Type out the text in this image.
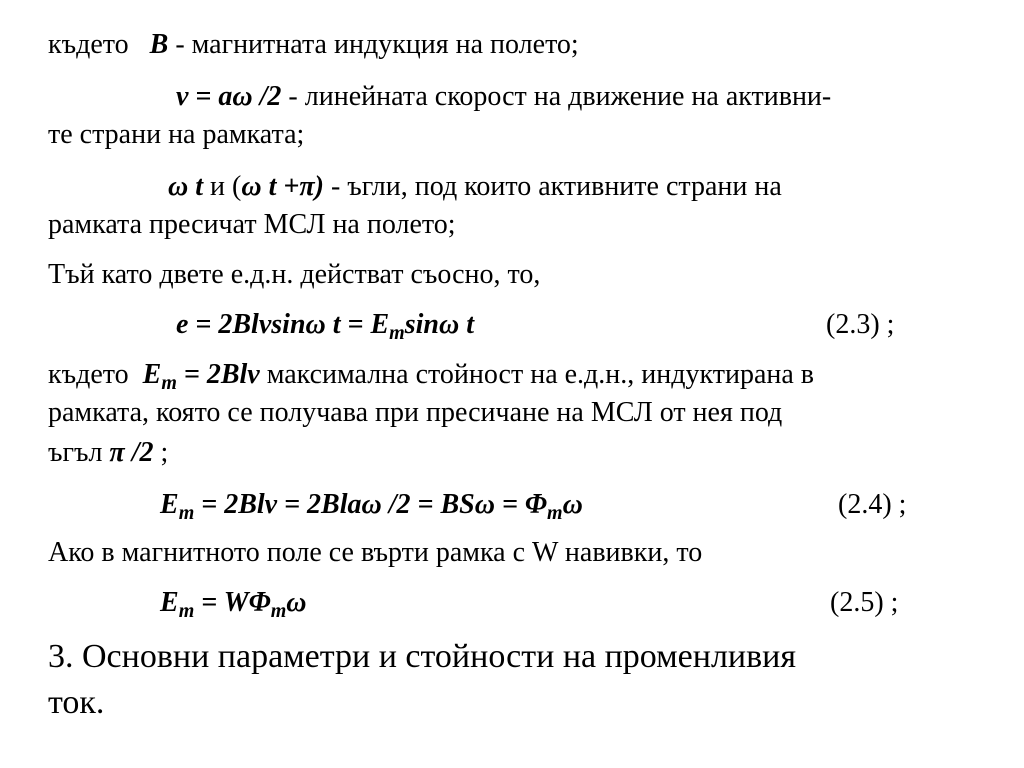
където B - магнитната индукция на полето;
v = aω /2 - линейната скорост на движение на активни-
те страни на рамката;
ω t и (ω t +π) - ъгли, под които активните страни на
рамката пресичат МСЛ на полето;
Тъй като двете е.д.н. действат съосно, то,
e = 2Blvsinω $t = E_m\sin\omega$ t	(2.3) ;
където $E_m = 2Blv$ максимална стойност на е.д.н., индуктирана в
рамката, която се получава при пресичане на МСЛ от нея под
ъгъл π /2 ;
$E_m = 2Blv = 2Bla\omega$ $/2 = BS\omega = \Phi_m\omega$	(2.4) ;
Ако в магнитното поле се върти рамка с W навивки, то
$E_m = W\Phi_m\omega$	(2.5) ;
3. Основни параметри и стойности на променливия
ток.
